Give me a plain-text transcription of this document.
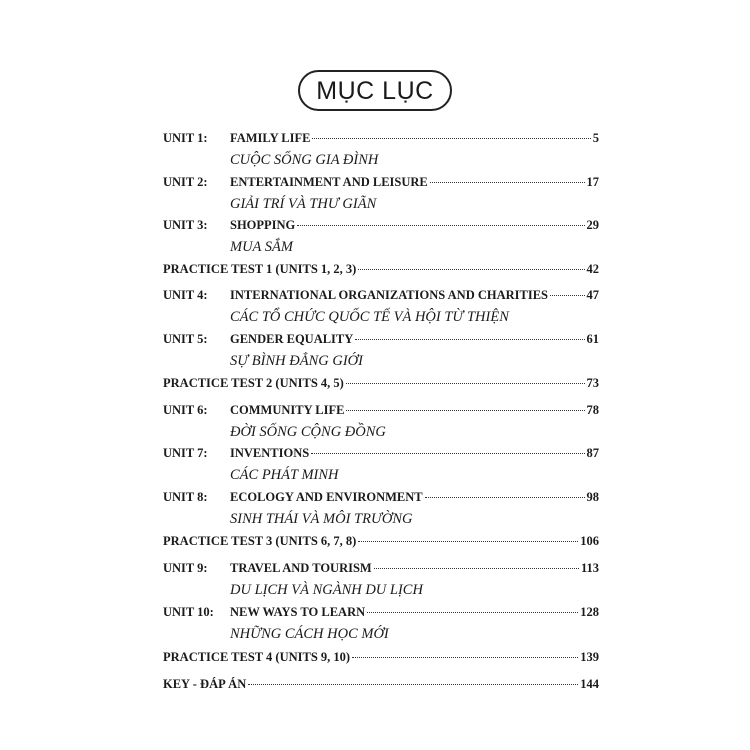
MỤC LỤC
UNIT 1: FAMILY LIFE	5
CUỘC SỐNG GIA ĐÌNH
UNIT 2: ENTERTAINMENT AND LEISURE	17
GIẢI TRÍ VÀ THƯ GIÃN
UNIT 3: SHOPPING	29
MUA SẮM
PRACTICE TEST 1 (UNITS 1, 2, 3)	42
UNIT 4: INTERNATIONAL ORGANIZATIONS AND CHARITIES	47
CÁC TỔ CHỨC QUỐC TẾ VÀ HỘI TỪ THIỆN
UNIT 5: GENDER EQUALITY	61
SỰ BÌNH ĐẲNG GIỚI
PRACTICE TEST 2 (UNITS 4, 5)	73
UNIT 6: COMMUNITY LIFE	78
ĐỜI SỐNG CỘNG ĐỒNG
UNIT 7: INVENTIONS	87
CÁC PHÁT MINH
UNIT 8: ECOLOGY AND ENVIRONMENT	98
SINH THÁI VÀ MÔI TRƯỜNG
PRACTICE TEST 3 (UNITS 6, 7, 8)	106
UNIT 9: TRAVEL AND TOURISM	113
DU LỊCH VÀ NGÀNH DU LỊCH
UNIT 10: NEW WAYS TO LEARN	128
NHỮNG CÁCH HỌC MỚI
PRACTICE TEST 4 (UNITS 9, 10)	139
KEY - ĐÁP ÁN	144
